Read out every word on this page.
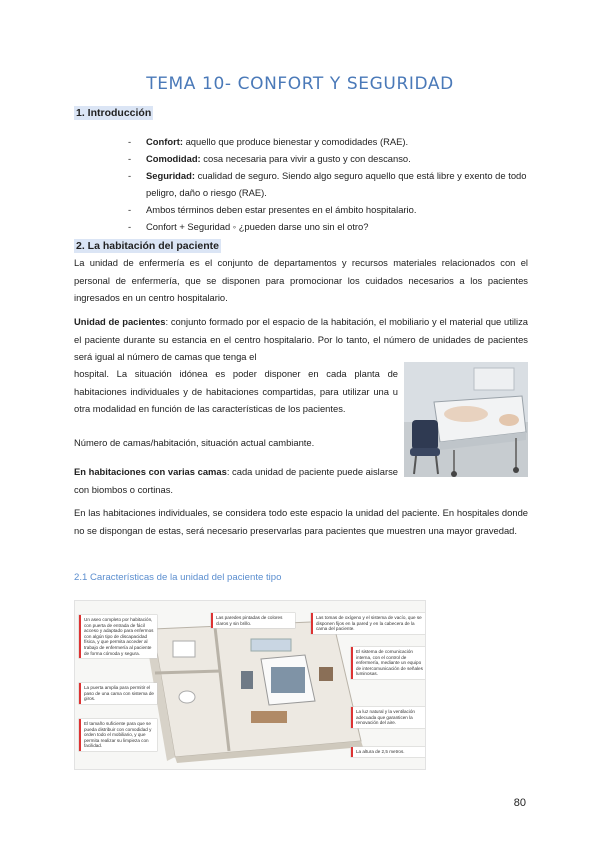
TEMA 10- CONFORT Y SEGURIDAD
1. Introducción
- Confort: aquello que produce bienestar y comodidades (RAE).
- Comodidad: cosa necesaria para vivir a gusto y con descanso.
- Seguridad: cualidad de seguro. Siendo algo seguro aquello que está libre y exento de todo peligro, daño o riesgo (RAE).
- Ambos términos deben estar presentes en el ámbito hospitalario.
- Confort + Seguridad ◦ ¿pueden darse uno sin el otro?
2. La habitación del paciente

La unidad de enfermería es el conjunto de departamentos y recursos materiales relacionados con el personal de enfermería, que se disponen para promocionar los cuidados necesarios a los pacientes ingresados en un centro hospitalario.

Unidad de pacientes: conjunto formado por el espacio de la habitación, el mobiliario y el material que utiliza el paciente durante su estancia en el centro hospitalario. Por lo tanto, el número de unidades de pacientes será igual al número de camas que tenga el

hospital. La situación idónea es poder disponer en cada planta de habitaciones individuales y de habitaciones compartidas, para utilizar una u otra modalidad en función de las características de los pacientes.

Número de camas/habitación, situación actual cambiante.

En habitaciones con varias camas: cada unidad de paciente puede aislarse con biombos o cortinas.

En las habitaciones individuales, se considera todo este espacio la unidad del paciente. En hospitales donde no se dispongan de estas, será necesario preservarlas para pacientes que muestren una mayor gravedad.

2.1 Características de la unidad del paciente tipo
Un aseo completo por habitación, con puerta de entrada de fácil acceso y adaptado para enfermos con algún tipo de discapacidad física, y que permita acceder al trabajo de enfermería al paciente de forma cómoda y segura.
La puerta amplia para permitir el paso de una cama con sistema de giros.
El tamaño suficiente para que se pueda distribuir con comodidad y orden todo el mobiliario, y que permita realizar su limpieza con facilidad.
Las paredes pintadas de colores claros y sin brillo.
Las tomas de oxígeno y el sistema de vacío, que se disponen fijos en la pared y en la cabecera de la cama del paciente.
El sistema de comunicación interna, con el control de enfermería, mediante un equipo de intercomunicación de señales luminosas.
La luz natural y la ventilación adecuada que garanticen la renovación del aire.
La altura de 2,5 metros.
80
